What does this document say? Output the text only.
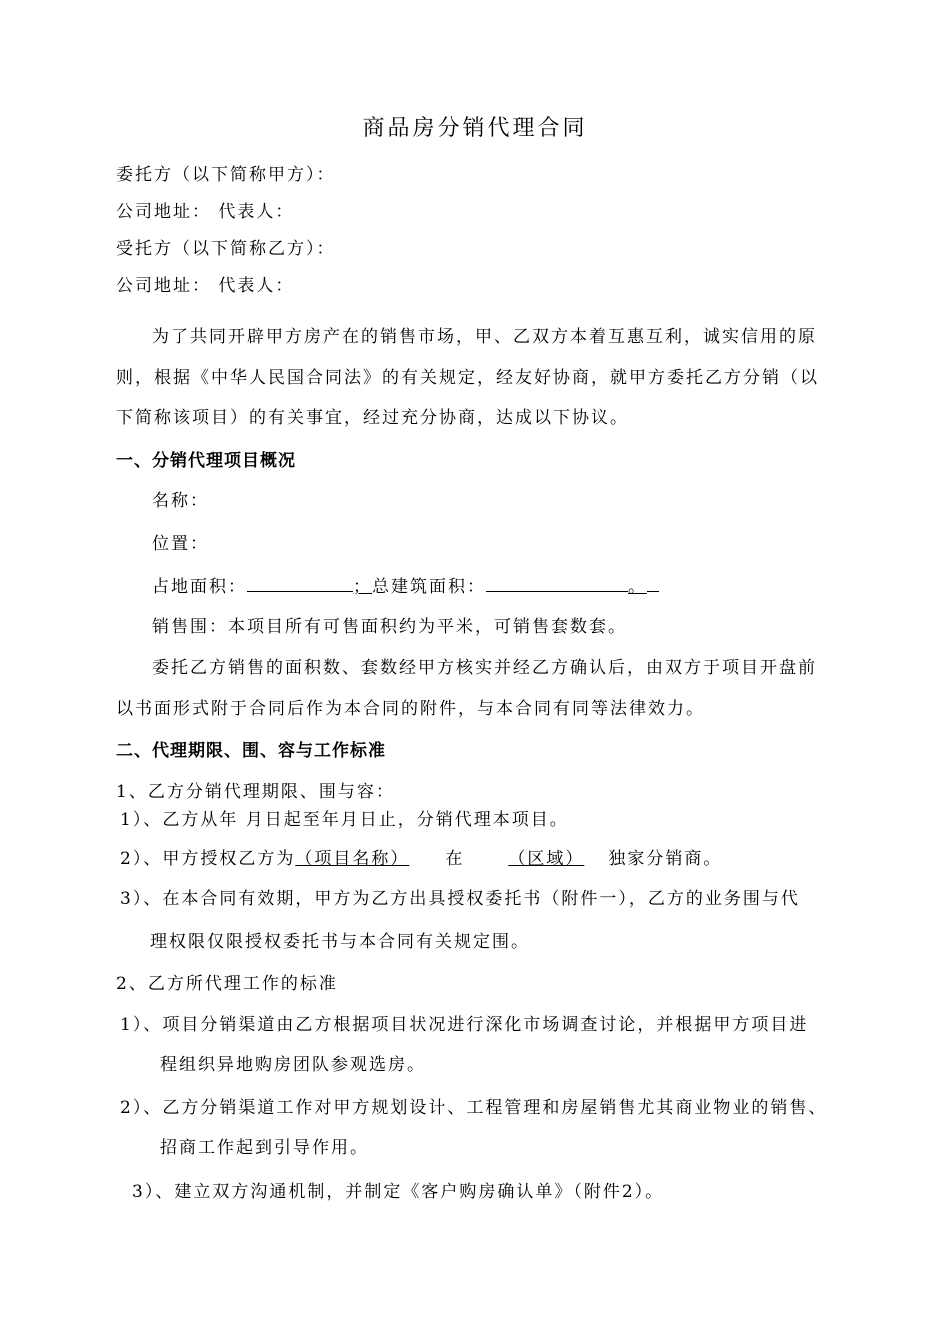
商品房分销代理合同
委托方（以下简称甲方）：
公司地址： 代表人：
受托方（以下简称乙方）：
公司地址： 代表人：
为了共同开辟甲方房产在的销售市场，甲、乙双方本着互惠互利，诚实信用的原
则，根据《中华人民国合同法》的有关规定，经友好协商，就甲方委托乙方分销（以
下简称该项目）的有关事宜，经过充分协商，达成以下协议。
一、分销代理项目概况
名称：
位置：
占地面积：	；总建筑面积：	。
销售围：本项目所有可售面积约为平米，可销售套数套。
委托乙方销售的面积数、套数经甲方核实并经乙方确认后，由双方于项目开盘前
以书面形式附于合同后作为本合同的附件，与本合同有同等法律效力。
二、代理期限、围、容与工作标准
1、乙方分销代理期限、围与容：
1）、乙方从年 月日起至年月日止，分销代理本项目。
2）、甲方授权乙方为（项目名称） 在	（区域） 独家分销商。
3）、在本合同有效期，甲方为乙方出具授权委托书（附件一），乙方的业务围与代
理权限仅限授权委托书与本合同有关规定围。
2、乙方所代理工作的标准
1）、项目分销渠道由乙方根据项目状况进行深化市场调查讨论，并根据甲方项目进
程组织异地购房团队参观选房。
2）、乙方分销渠道工作对甲方规划设计、工程管理和房屋销售尤其商业物业的销售、
招商工作起到引导作用。
3）、建立双方沟通机制，并制定《客户购房确认单》（附件2）。
